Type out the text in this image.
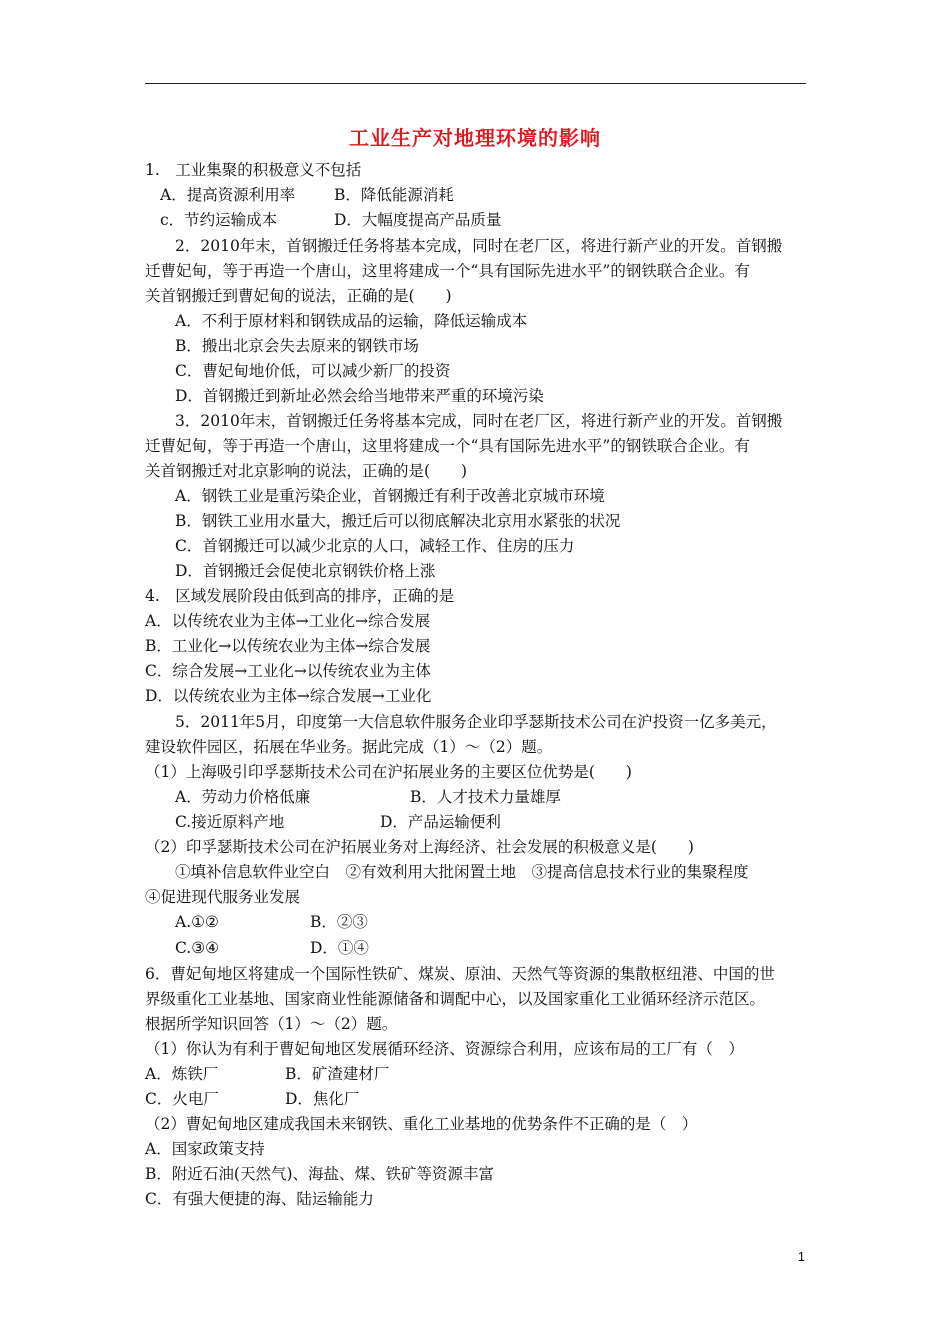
工业生产对地理环境的影响
1.　工业集聚的积极意义不包括
A．提高资源利用率	B．降低能源消耗
c．节约运输成本	D．大幅度提高产品质量
2．2010年末，首钢搬迁任务将基本完成，同时在老厂区，将进行新产业的开发。首钢搬
迁曹妃甸，等于再造一个唐山，这里将建成一个“具有国际先进水平”的钢铁联合企业。有
关首钢搬迁到曹妃甸的说法，正确的是(　　)
A．不利于原材料和钢铁成品的运输，降低运输成本
B．搬出北京会失去原来的钢铁市场
C．曹妃甸地价低，可以减少新厂的投资
D．首钢搬迁到新址必然会给当地带来严重的环境污染
3．2010年末，首钢搬迁任务将基本完成，同时在老厂区，将进行新产业的开发。首钢搬
迁曹妃甸，等于再造一个唐山，这里将建成一个“具有国际先进水平”的钢铁联合企业。有
关首钢搬迁对北京影响的说法，正确的是(　　)
A．钢铁工业是重污染企业，首钢搬迁有利于改善北京城市环境
B．钢铁工业用水量大，搬迁后可以彻底解决北京用水紧张的状况
C．首钢搬迁可以减少北京的人口，减轻工作、住房的压力
D．首钢搬迁会促使北京钢铁价格上涨
4.　区域发展阶段由低到高的排序，正确的是
A．以传统农业为主体→工业化→综合发展
B．工业化→以传统农业为主体→综合发展
C．综合发展→工业化→以传统农业为主体
D．以传统农业为主体→综合发展→工业化
5．2011年5月，印度第一大信息软件服务企业印孚瑟斯技术公司在沪投资一亿多美元，
建设软件园区，拓展在华业务。据此完成（1）～（2）题。
（1）上海吸引印孚瑟斯技术公司在沪拓展业务的主要区位优势是(　　)
A．劳动力价格低廉	B．人才技术力量雄厚
C.接近原料产地	D．产品运输便利
（2）印孚瑟斯技术公司在沪拓展业务对上海经济、社会发展的积极意义是(　　)
①填补信息软件业空白　②有效利用大批闲置土地　③提高信息技术行业的集聚程度
④促进现代服务业发展
A.①②	B．②③
C.③④	D．①④
6．曹妃甸地区将建成一个国际性铁矿、煤炭、原油、天然气等资源的集散枢纽港、中国的世
界级重化工业基地、国家商业性能源储备和调配中心，以及国家重化工业循环经济示范区。
根据所学知识回答（1）～（2）题。
（1）你认为有利于曹妃甸地区发展循环经济、资源综合利用，应该布局的工厂有（　）
A．炼铁厂	B．矿渣建材厂
C．火电厂	D．焦化厂
（2）曹妃甸地区建成我国未来钢铁、重化工业基地的优势条件不正确的是（　）
A．国家政策支持
B．附近石油(天然气)、海盐、煤、铁矿等资源丰富
C．有强大便捷的海、陆运输能力
1
